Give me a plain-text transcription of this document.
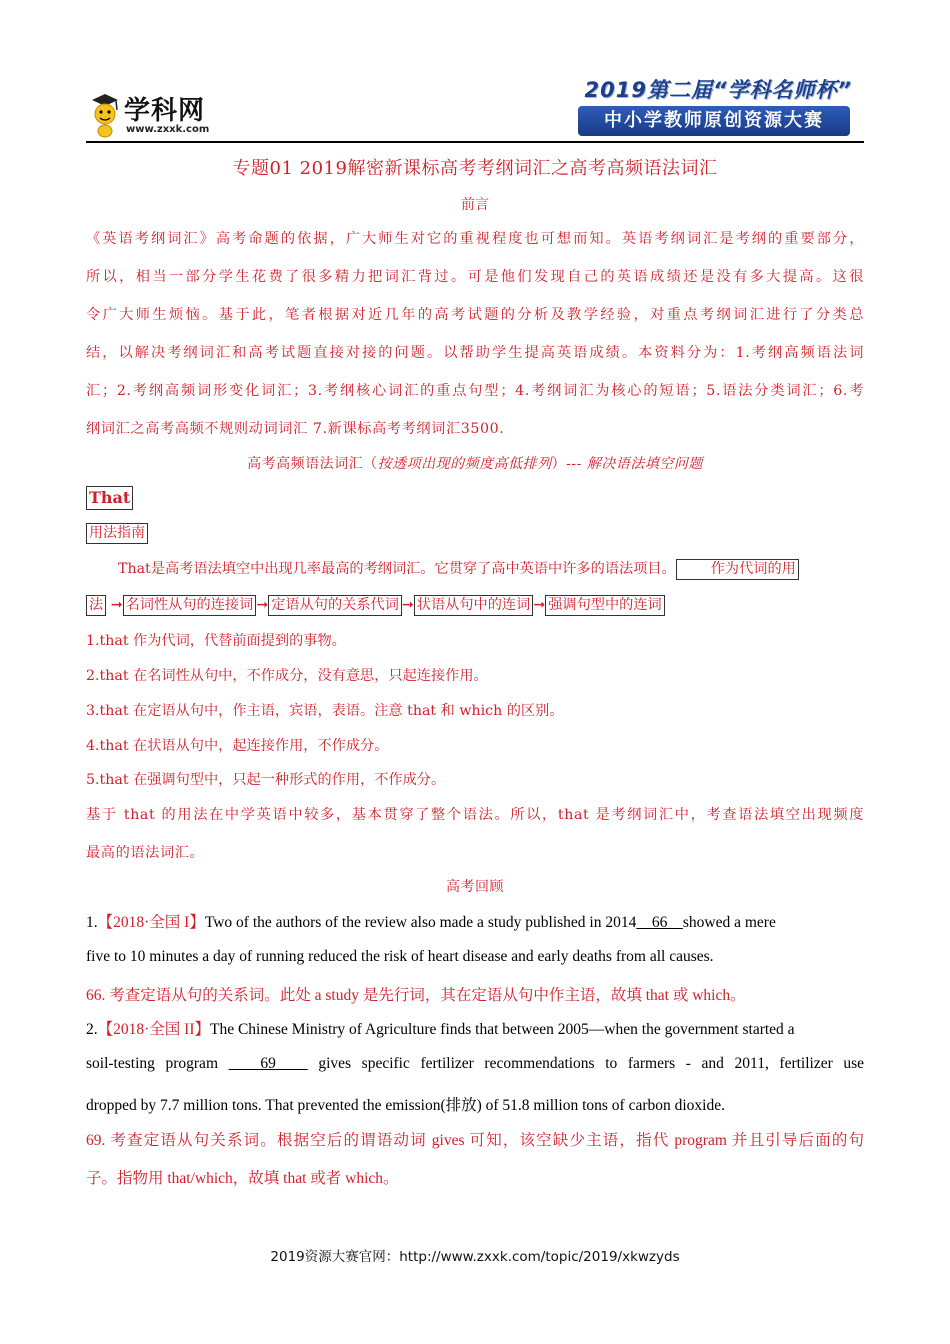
学科网
www.zxxk.com
2019第二届“学科名师杯”
中小学教师原创资源大赛
专题01 2019解密新课标高考考纲词汇之高考高频语法词汇
前言
《英语考纲词汇》高考命题的依据，广大师生对它的重视程度也可想而知。英语考纲词汇是考纲的重要部分，
所以，相当一部分学生花费了很多精力把词汇背过。可是他们发现自己的英语成绩还是没有多大提高。这很
令广大师生烦恼。基于此，笔者根据对近几年的高考试题的分析及教学经验，对重点考纲词汇进行了分类总
结，以解决考纲词汇和高考试题直接对接的问题。以帮助学生提高英语成绩。本资料分为：1.考纲高频语法词
汇；2.考纲高频词形变化词汇；3.考纲核心词汇的重点句型；4.考纲词汇为核心的短语；5.语法分类词汇；6.考
纲词汇之高考高频不规则动词词汇 7.新课标高考考纲词汇3500.
高考高频语法词汇（按透项出现的频度高低排列）--- 解决语法填空问题
That
用法指南
That是高考语法填空中出现几率最高的考纲词汇。它贯穿了高中英语中许多的语法项目。 作为代词的用
法 ➞ 名词性从句的连接词 ➞ 定语从句的关系代词 ➞ 状语从句中的连词 ➞ 强调句型中的连词
1.that 作为代词，代替前面提到的事物。
2.that 在名词性从句中，不作成分，没有意思，只起连接作用。
3.that 在定语从句中，作主语，宾语，表语。注意 that 和 which 的区别。
4.that 在状语从句中，起连接作用，不作成分。
5.that 在强调句型中，只起一种形式的作用，不作成分。
基于 that 的用法在中学英语中较多，基本贯穿了整个语法。所以，that 是考纲词汇中，考查语法填空出现频度
最高的语法词汇。
高考回顾
1.【2018·全国 I】Two of the authors of the review also made a study published in 2014 66 showed a mere
five to 10 minutes a day of running reduced the risk of heart disease and early deaths from all causes.
66. 考查定语从句的关系词。此处 a study 是先行词，其在定语从句中作主语，故填 that 或 which。
2.【2018·全国 II】The Chinese Ministry of Agriculture finds that between 2005—when the government started a
soil-testing program	69	gives specific fertilizer recommendations to farmers - and 2011, fertilizer use
dropped by 7.7 million tons. That prevented the emission(排放) of 51.8 million tons of carbon dioxide.
69. 考查定语从句关系词。根据空后的谓语动词 gives 可知，该空缺少主语，指代 program 并且引导后面的句
子。指物用 that/which，故填 that 或者 which。
2019资源大赛官网：http://www.zxxk.com/topic/2019/xkwzyds
